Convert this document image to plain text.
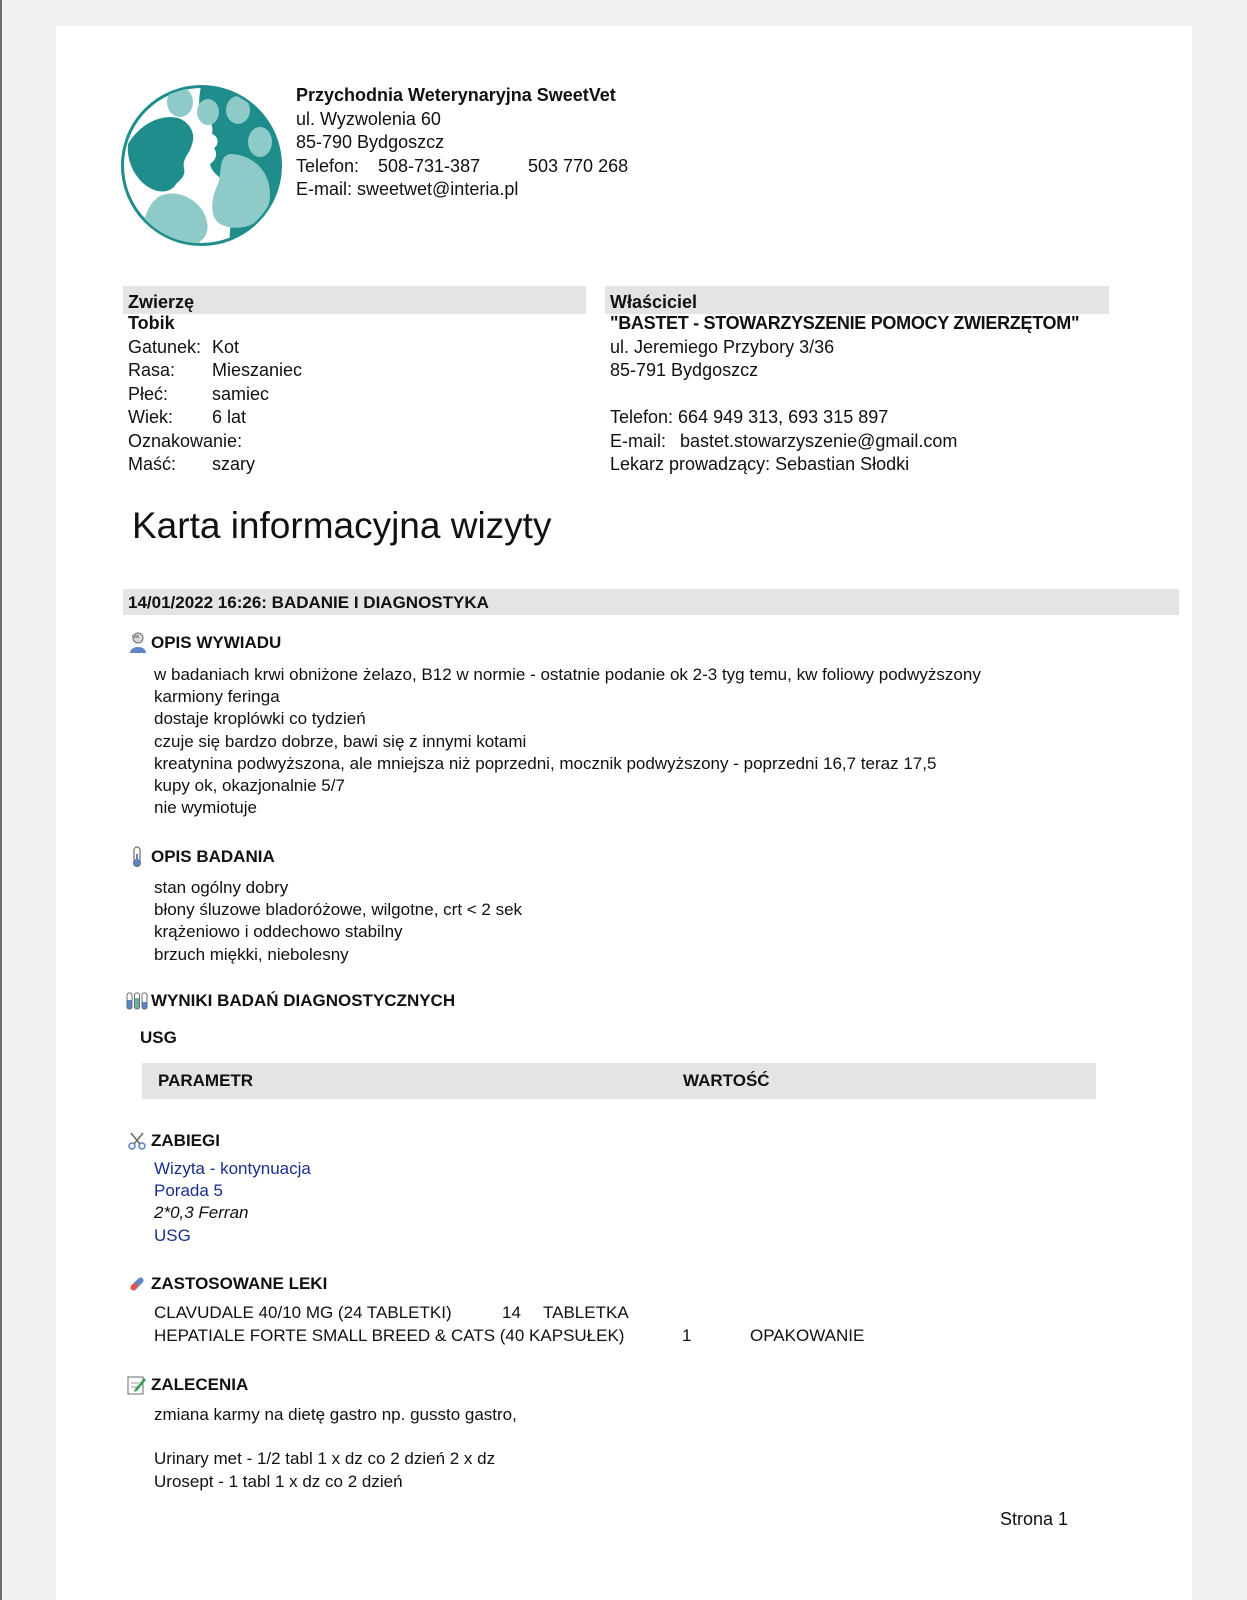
Przychodnia Weterynaryjna SweetVet
ul. Wyzwolenia 60
85-790 Bydgoszcz
Telefon: 508-731-387	503 770 268
E-mail: sweetwet@interia.pl
Zwierzę	Właściciel
Tobik
Gatunek: Kot
Rasa:	Mieszaniec
Płeć:	samiec
Wiek:	6 lat
Oznakowanie:
Maść:	szary
"BASTET - STOWARZYSZENIE POMOCY ZWIERZĘTOM"
ul. Jeremiego Przybory 3/36
85-791 Bydgoszcz
Telefon: 664 949 313, 693 315 897
E-mail: bastet.stowarzyszenie@gmail.com
Lekarz prowadzący: Sebastian Słodki
Karta informacyjna wizyty
14/01/2022 16:26: BADANIE I DIAGNOSTYKA
OPIS WYWIADU
w badaniach krwi obniżone żelazo, B12 w normie - ostatnie podanie ok 2-3 tyg temu, kw foliowy podwyższony
karmiony feringa
dostaje kroplówki co tydzień
czuje się bardzo dobrze, bawi się z innymi kotami
kreatynina podwyższona, ale mniejsza niż poprzedni, mocznik podwyższony - poprzedni 16,7 teraz 17,5
kupy ok, okazjonalnie 5/7
nie wymiotuje
OPIS BADANIA
stan ogólny dobry
błony śluzowe bladoróżowe, wilgotne, crt < 2 sek
krążeniowo i oddechowo stabilny
brzuch miękki, niebolesny
WYNIKI BADAŃ DIAGNOSTYCZNYCH
USG
PARAMETR	WARTOŚĆ
ZABIEGI
Wizyta - kontynuacja
Porada 5
2*0,3 Ferran
USG
ZASTOSOWANE LEKI
CLAVUDALE 40/10 MG (24 TABLETKI)	14 TABLETKA
HEPATIALE FORTE SMALL BREED & CATS (40 KAPSUŁEK)	1	OPAKOWANIE
ZALECENIA
zmiana karmy na dietę gastro np. gussto gastro,
Urinary met - 1/2 tabl 1 x dz co 2 dzień 2 x dz
Urosept - 1 tabl 1 x dz co 2 dzień
Strona 1
